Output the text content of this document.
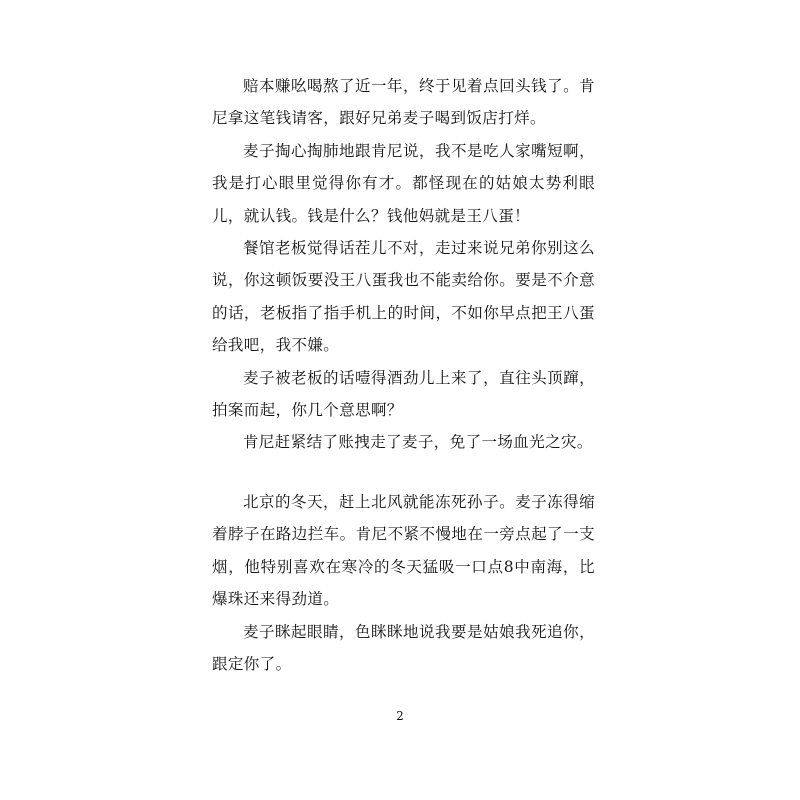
赔本赚吆喝熬了近一年，终于见着点回头钱了。肯尼拿这笔钱请客，跟好兄弟麦子喝到饭店打烊。

麦子掏心掏肺地跟肯尼说，我不是吃人家嘴短啊，我是打心眼里觉得你有才。都怪现在的姑娘太势利眼儿，就认钱。钱是什么？钱他妈就是王八蛋！

餐馆老板觉得话茬儿不对，走过来说兄弟你别这么说，你这顿饭要没王八蛋我也不能卖给你。要是不介意的话，老板指了指手机上的时间，不如你早点把王八蛋给我吧，我不嫌。

麦子被老板的话噎得酒劲儿上来了，直往头顶蹿，拍案而起，你几个意思啊？

肯尼赶紧结了账拽走了麦子，免了一场血光之灾。

北京的冬天，赶上北风就能冻死孙子。麦子冻得缩着脖子在路边拦车。肯尼不紧不慢地在一旁点起了一支烟，他特别喜欢在寒冷的冬天猛吸一口点8中南海，比爆珠还来得劲道。

麦子眯起眼睛，色眯眯地说我要是姑娘我死追你，跟定你了。

2
